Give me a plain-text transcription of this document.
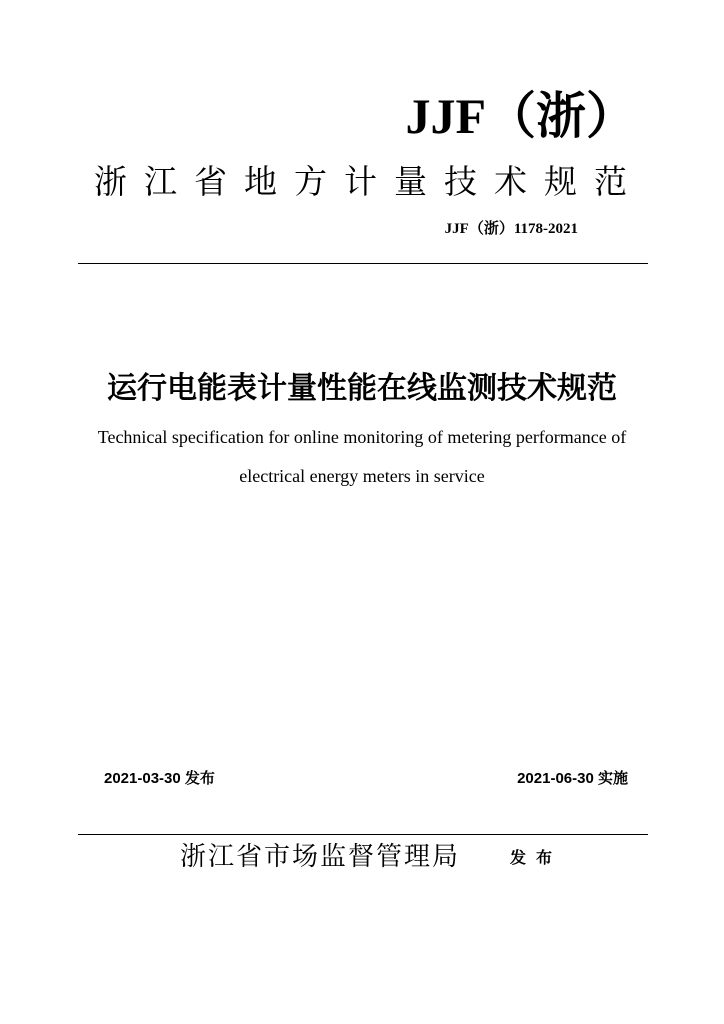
JJF（浙）
浙江省地方计量技术规范
JJF（浙）1178-2021
运行电能表计量性能在线监测技术规范
Technical specification for online monitoring of metering performance of
electrical energy meters in service
2021-03-30 发布	2021-06-30 实施
浙江省市场监督管理局	发布
